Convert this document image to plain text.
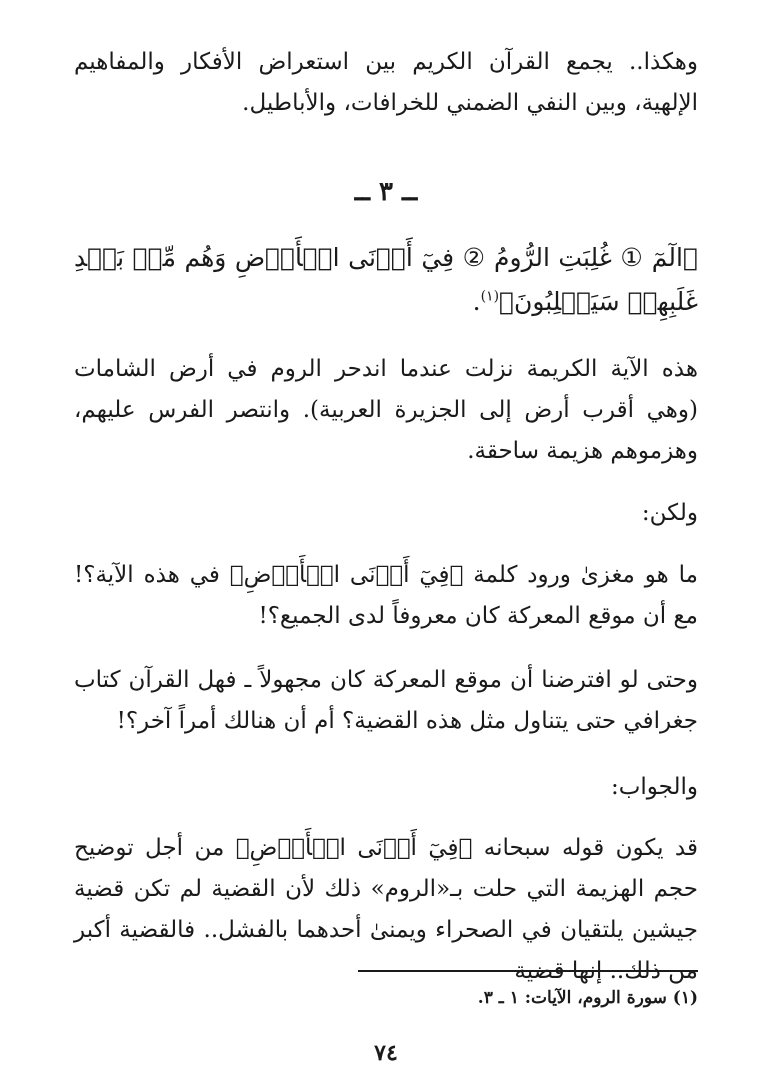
وهكذا.. يجمع القرآن الكريم بين استعراض الأفكار والمفاهيم الإلهية، وبين النفي الضمني للخرافات، والأباطيل.

ــ ٣ ــ

﴿الٓمٓ ① غُلِبَتِ الرُّومُ ② فِيٓ أَدۡنَى الۡأَرۡضِ وَهُم مِّنۢ بَعۡدِ غَلَبِهِمۡ سَيَغۡلِبُونَ﴾$^{(١)}$.

هذه الآية الكريمة نزلت عندما اندحر الروم في أرض الشامات (وهي أقرب أرض إلى الجزيرة العربية). وانتصر الفرس عليهم، وهزموهم هزيمة ساحقة.

ولكن:

ما هو مغزىٰ ورود كلمة ﴿فِيٓ أَدۡنَى الۡأَرۡضِ﴾ في هذه الآية؟! مع أن موقع المعركة كان معروفاً لدى الجميع؟!

وحتى لو افترضنا أن موقع المعركة كان مجهولاً ـ فهل القرآن كتاب جغرافي حتى يتناول مثل هذه القضية؟ أم أن هنالك أمراً آخر؟!

والجواب:

قد يكون قوله سبحانه ﴿فِيٓ أَدۡنَى الۡأَرۡضِ﴾ من أجل توضيح حجم الهزيمة التي حلت بـ«الروم» ذلك لأن القضية لم تكن قضية جيشين يلتقيان في الصحراء ويمنىٰ أحدهما بالفشل.. فالقضية أكبر من ذلك.. إنها قضية

(١) سورة الروم، الآيات: ١ ـ ٣.

٧٤
